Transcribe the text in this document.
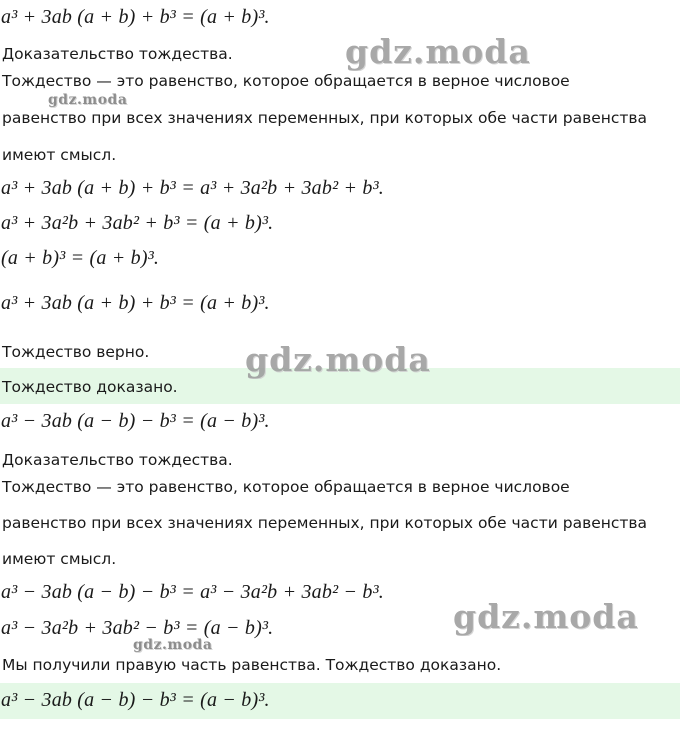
a³ + 3ab (a + b) + b³ = (a + b)³.
Доказательство тождества.
Тождество — это равенство, которое обращается в верное числовое
равенство при всех значениях переменных, при которых обе части равенства
имеют смысл.
a³ + 3ab (a + b) + b³ = a³ + 3a²b + 3ab² + b³.
a³ + 3a²b + 3ab² + b³ = (a + b)³.
(a + b)³ = (a + b)³.
a³ + 3ab (a + b) + b³ = (a + b)³.
Тождество верно.
Тождество доказано.
a³ − 3ab (a − b) − b³ = (a − b)³.
Доказательство тождества.
Тождество — это равенство, которое обращается в верное числовое
равенство при всех значениях переменных, при которых обе части равенства
имеют смысл.
a³ − 3ab (a − b) − b³ = a³ − 3a²b + 3ab² − b³.
a³ − 3a²b + 3ab² − b³ = (a − b)³.
Мы получили правую часть равенства. Тождество доказано.
a³ − 3ab (a − b) − b³ = (a − b)³.
gdz.moda
gdz.moda
gdz.moda
gdz.moda
gdz.moda
